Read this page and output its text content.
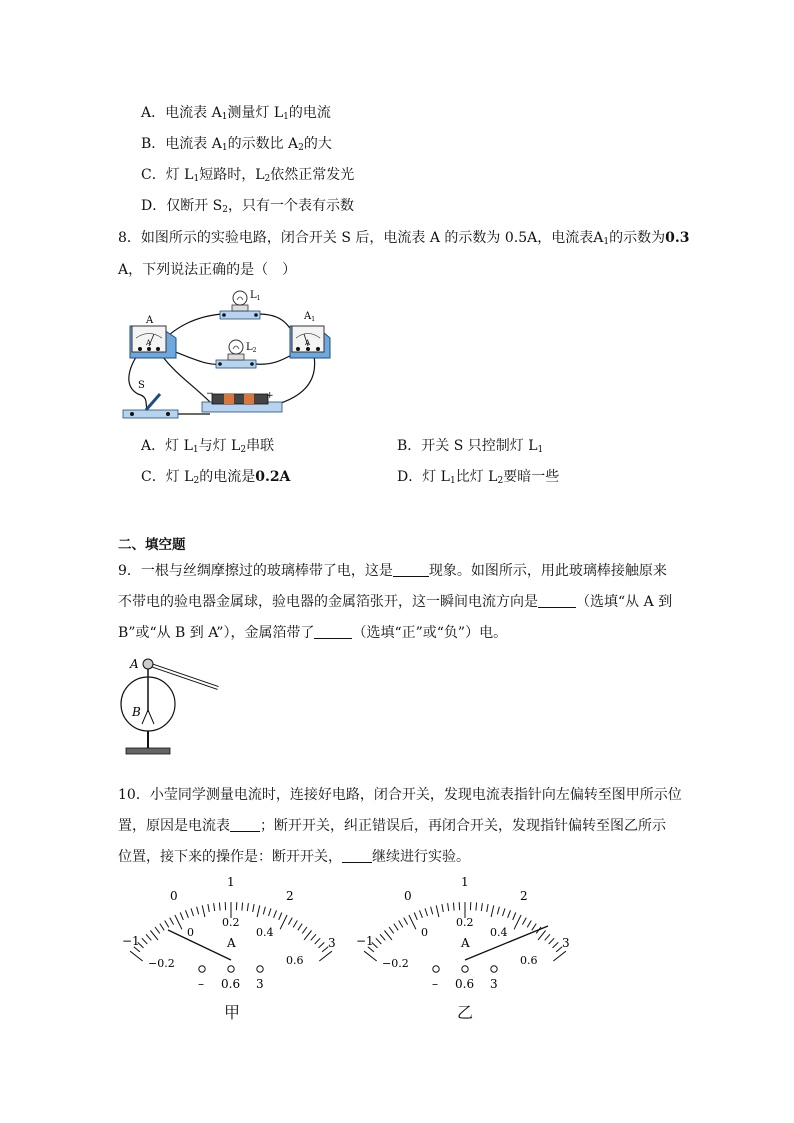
A．电流表 $A_1$测量灯 $L_1$的电流
B．电流表 $A_1$的示数比 $A_2$的大
C．灯 $L_1$短路时，$L_2$依然正常发光
D．仅断开 $S_2$，只有一个表有示数
8．如图所示的实验电路，闭合开关 S 后，电流表 A 的示数为 0.5A，电流表$A_1$的示数为0.3
A，下列说法正确的是（　）
A
A
$A_1$
A
$L_1$
$L_2$
−	+
S
A．灯 $L_1$与灯 $L_2$串联	B．开关 S 只控制灯 $L_1$
C．灯 $L_2$的电流是0.2A	D．灯 $L_1$比灯 $L_2$要暗一些
二、填空题
9．一根与丝绸摩擦过的玻璃棒带了电，这是	现象。如图所示，用此玻璃棒接触原来
不带电的验电器金属球，验电器的金属箔张开，这一瞬间电流方向是	（选填“从 A 到
B”或“从 B 到 A”），金属箔带了	（选填“正”或“负”）电。
A
B
10．小莹同学测量电流时，连接好电路，闭合开关，发现电流表指针向左偏转至图甲所示位
置，原因是电流表 ；断开开关，纠正错误后，再闭合开关，发现指针偏转至图乙所示
位置，接下来的操作是：断开开关， 继续进行实验。
−1
0
1
2
3
−0.2
0
0.2
0.4
0.6
A
– 0.6 3
−1
0
1
2
3
−0.2
0
0.2
0.4
0.6
A
– 0.6 3
甲	乙
